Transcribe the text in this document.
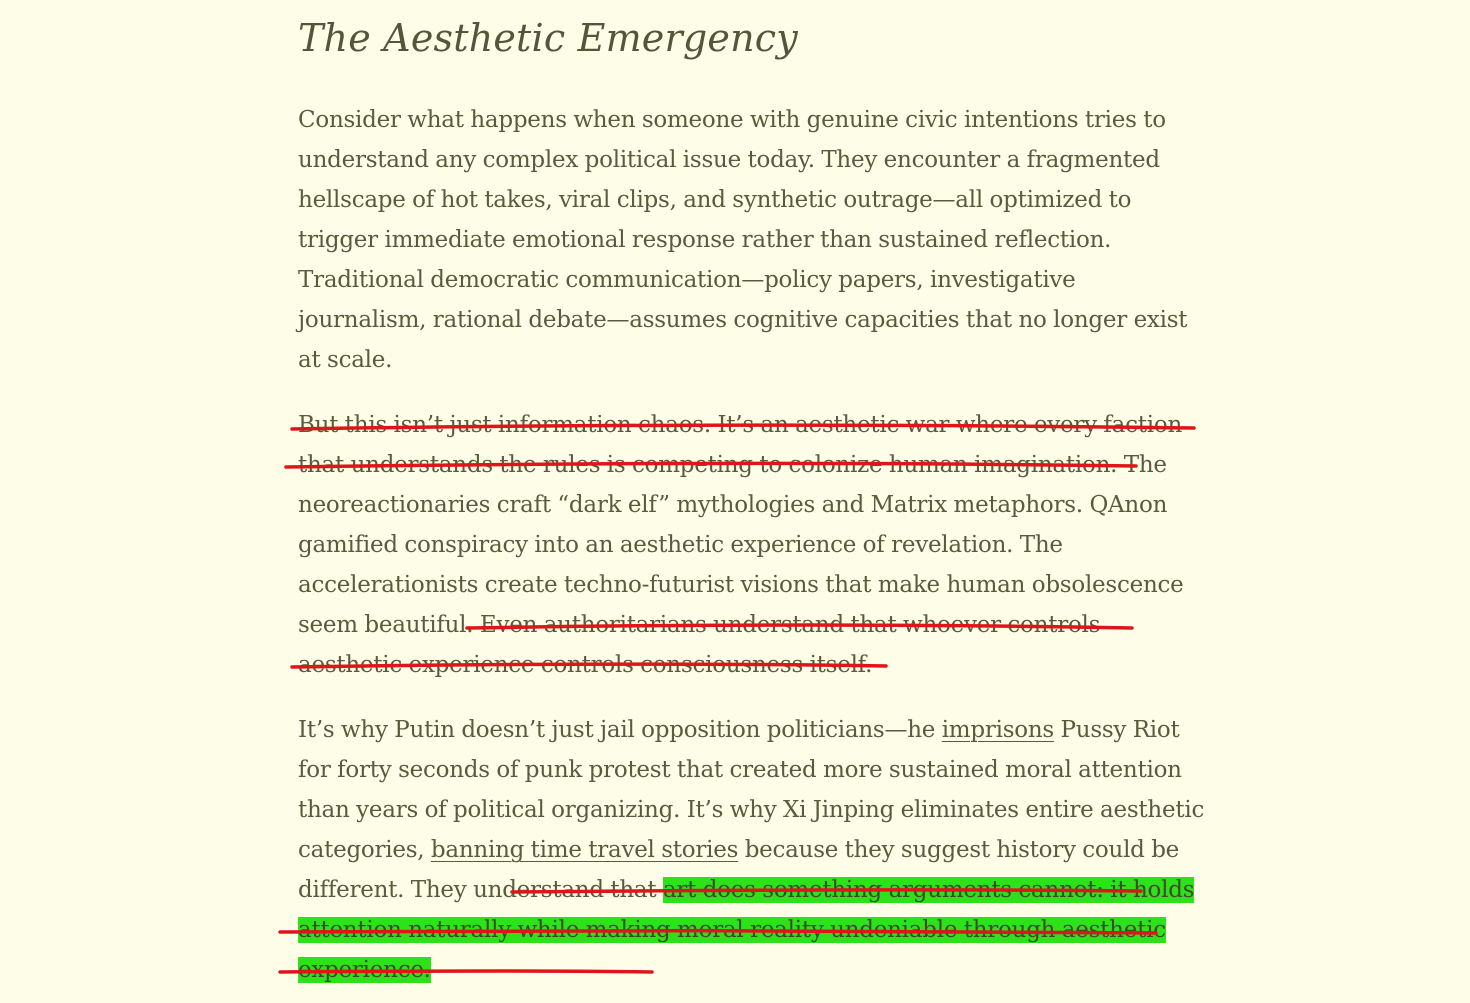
The Aesthetic Emergency

Consider what happens when someone with genuine civic intentions tries to understand any complex political issue today. They encounter a fragmented hellscape of hot takes, viral clips, and synthetic outrage—all optimized to trigger immediate emotional response rather than sustained reflection. Traditional democratic communication—policy papers, investigative journalism, rational debate—assumes cognitive capacities that no longer exist at scale.

But this isn’t just information chaos. It’s an aesthetic war where every faction that understands the rules is competing to colonize human imagination. The neoreactionaries craft “dark elf” mythologies and Matrix metaphors. QAnon gamified conspiracy into an aesthetic experience of revelation. The accelerationists create techno-futurist visions that make human obsolescence seem beautiful. Even authoritarians understand that whoever controls aesthetic experience controls consciousness itself.

It’s why Putin doesn’t just jail opposition politicians—he imprisons Pussy Riot for forty seconds of punk protest that created more sustained moral attention than years of political organizing. It’s why Xi Jinping eliminates entire aesthetic categories, banning time travel stories because they suggest history could be different. They understand that art does something arguments cannot: it holds attention naturally while making moral reality undeniable through aesthetic experience.
